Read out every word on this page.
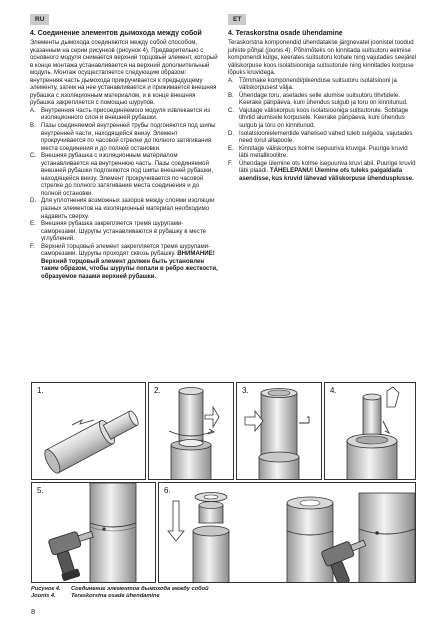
RU	ET
4. Соединение элементов дымохода между собой
Элементы дымохода соединяются между собой способом, указанным на серии рисунков (рисунок 4). Предварительно с основного модуля снимается верхний торцовый элемент, который в конце монтажа устанавливается на верхний дополнительный модуль. Монтаж осуществляется следующим образом: внутренняя часть дымохода прикручивается к предыдущему элементу, затем на нее устанавливается и прижимается внешняя рубашка с изоляционным материалом, и в конце внешняя рубашка закрепляется с помощью шурупов.
A. Внутренняя часть присоединяемого модуля извлекается из изоляционного слоя и внешней рубашки.
B. Пазы соединяемой внутренней трубы подгоняются под шипы внутренней части, находящейся внизу. Элемент прокручивается по часовой стрелке до полного затягивания места соединения и до полной остановки.
C. Внешняя рубашка с изоляционным материалом устанавливается на внутреннюю часть. Пазы соединяемой внешней рубашки подгоняются под шипы внешней рубашки, находящейся внизу. Элемент прокручивается по часовой стрелке до полного затягивания места соединения и до полной остановки.
D. Для уплотнения возможных зазоров между слоями изоляции разных элементов на изоляционный материал необходимо надавить сверху.
E. Внешняя рубашка закрепляется тремя шурупами-саморезами. Шурупы устанавливаются в рубашку в месте углублений.
F.	Верхний торцовый элемент закрепляется тремя шурупами-саморезами. Шурупы проходят сквозь рубашку. ВНИМАНИЕ! Верхний торцовый элемент должен быть установлен таким образом, чтобы шурупы попали в ребро жесткости, образуемое пазами верхней рубашки.
4. Teraskorstna osade ühendamine
Teraskorstna komponendid ühendatakse järgnevatel joonistel toodud juhiste põhjal (joonis 4). Põhimõteks on kinnitada suitsutoru eelmise komponendi külge, keerates suitsutoru kohale ning vajutades seejärel väliskorpuse koos isolatsiooniga suitsutorule ning kinnitades korpuse lõpuks kruvidega.
A. Tõmmake komponendi/pikenduse suitsutoru isolatsiooni ja väliskorpusest välja.
B. Ühendage toru, asetades selle alumise suitsutoru tihvtidele. Keerake päripäeva, kuni ühendus sulgub ja toru on kinnitunud.
C. Vajutage väliskorpus koos isolatsiooniga suitsutorule. Sobitage tihvtid alumisele korpusele. Keerake päripäeva, kuni ühendus sulgub ja toru on kinnitunud.
D. Isolatsioonielementide vahelised vahed tuleb sulgeda, vajutades need torul allapoole.
E. Kinnitage väliskorpus kolme isepuuriva kruviga. Puurige kruvid läbi metallkoolitre.
F.	Ühendage ülemine ots kolme isepuuriva kruvi abil. Puurige kruvid läbi plaadi. TÄHELEPANU! Ülemine ots tuleks paigaldada asendisse, kus kruvid lähevad väliskorpuse ühendusplusse.
1.	2.	3.	4.
5.	6.
Рисунок 4.	Соединение элементов дымохода между собой
Joonis 4.	Teraskorstna osade ühendamine
8
